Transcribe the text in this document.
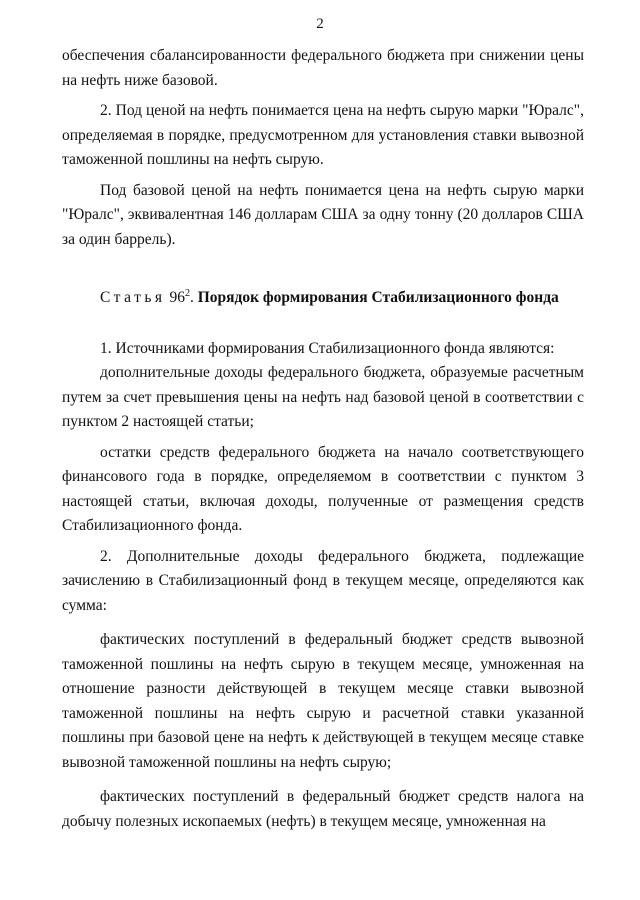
2

обеспечения сбалансированности федерального бюджета при снижении цены на нефть ниже базовой.

2. Под ценой на нефть понимается цена на нефть сырую марки "Юралс", определяемая в порядке, предусмотренном для установления ставки вывозной таможенной пошлины на нефть сырую.

Под базовой ценой на нефть понимается цена на нефть сырую марки "Юралс", эквивалентная 146 долларам США за одну тонну (20 долларов США за один баррель).

Статья $96^2$. Порядок формирования Стабилизационного фонда

1. Источниками формирования Стабилизационного фонда являются:

дополнительные доходы федерального бюджета, образуемые расчетным путем за счет превышения цены на нефть над базовой ценой в соответствии с пунктом 2 настоящей статьи;

остатки средств федерального бюджета на начало соответствующего финансового года в порядке, определяемом в соответствии с пунктом 3 настоящей статьи, включая доходы, полученные от размещения средств Стабилизационного фонда.

2. Дополнительные доходы федерального бюджета, подлежащие зачислению в Стабилизационный фонд в текущем месяце, определяются как сумма:

фактических поступлений в федеральный бюджет средств вывозной таможенной пошлины на нефть сырую в текущем месяце, умноженная на отношение разности действующей в текущем месяце ставки вывозной таможенной пошлины на нефть сырую и расчетной ставки указанной пошлины при базовой цене на нефть к действующей в текущем месяце ставке вывозной таможенной пошлины на нефть сырую;

фактических поступлений в федеральный бюджет средств налога на добычу полезных ископаемых (нефть) в текущем месяце, умноженная на
